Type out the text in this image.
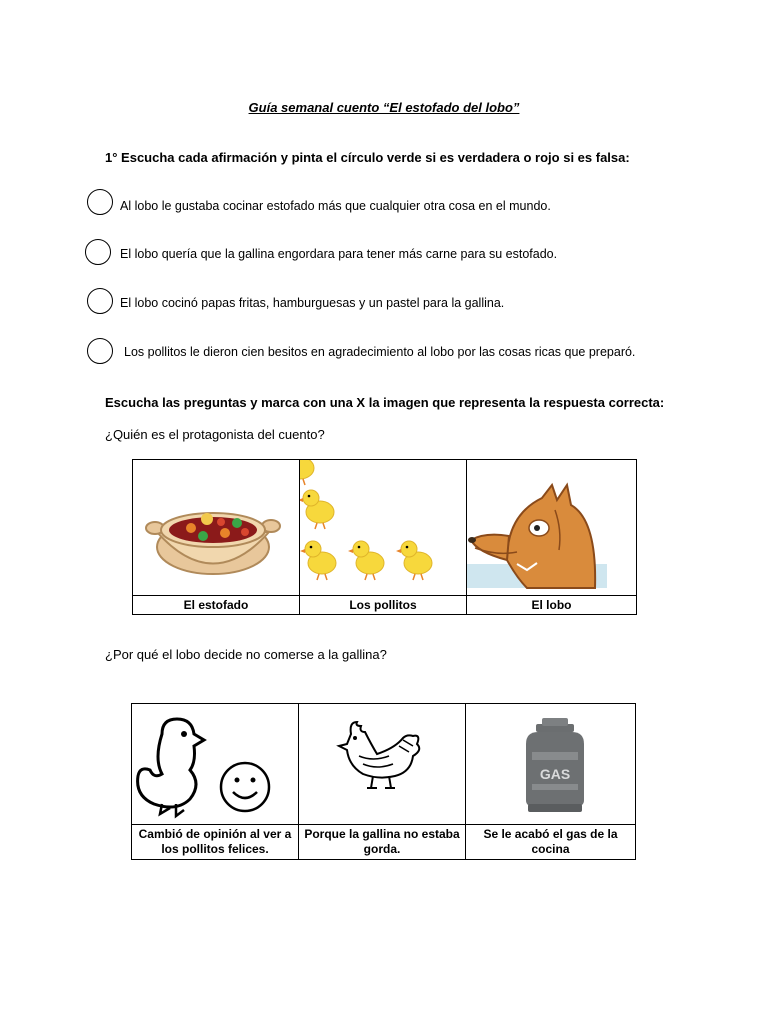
Guía semanal cuento “El estofado del lobo”
1° Escucha cada afirmación y pinta el círculo verde si es verdadera o rojo si es falsa:
Al lobo le gustaba cocinar estofado más que cualquier otra cosa en el mundo.
El lobo quería que la gallina engordara para tener más carne para su estofado.
El lobo cocinó papas fritas, hamburguesas y un pastel para la gallina.
Los pollitos le dieron cien besitos en agradecimiento al lobo por las cosas ricas que preparó.
Escucha las preguntas y marca con una X la imagen que representa la respuesta correcta:
¿Quién es el protagonista del cuento?

El estofado	Los pollitos	El lobo
¿Por qué el lobo decide no comerse a la gallina?

GAS

Cambió de opinión al ver a los pollitos felices.	Porque la gallina no estaba gorda.	Se le acabó el gas de la cocina
